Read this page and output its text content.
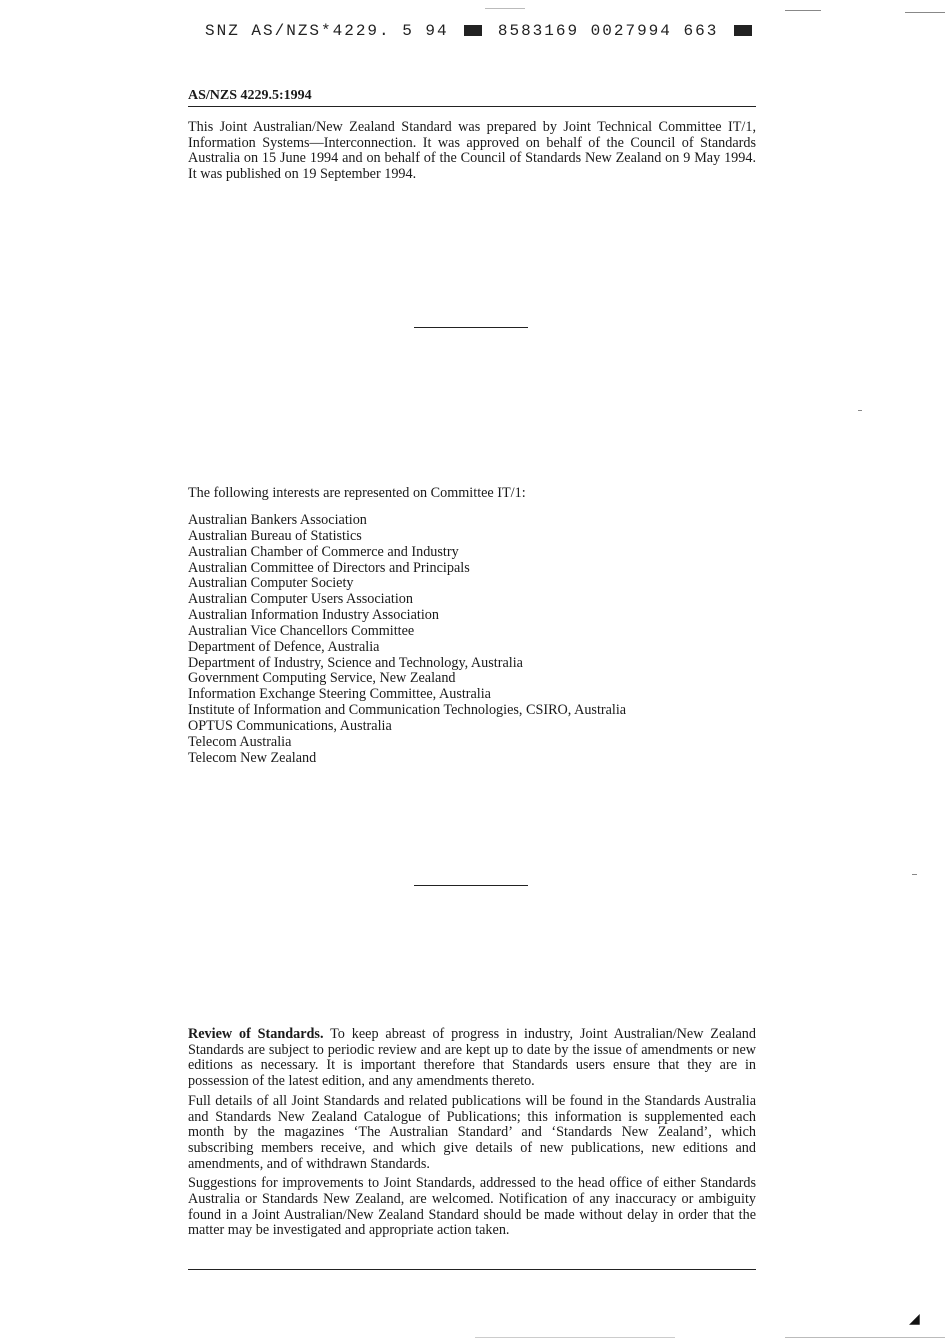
SNZ AS/NZS*4229. 5 94	8583169 0027994 663
AS/NZS 4229.5:1994
This Joint Australian/New Zealand Standard was prepared by Joint Technical Committee IT/1, Information Systems—Interconnection. It was approved on behalf of the Council of Standards Australia on 15 June 1994 and on behalf of the Council of Standards New Zealand on 9 May 1994. It was published on 19 September 1994.
The following interests are represented on Committee IT/1:
Australian Bankers Association
Australian Bureau of Statistics
Australian Chamber of Commerce and Industry
Australian Committee of Directors and Principals
Australian Computer Society
Australian Computer Users Association
Australian Information Industry Association
Australian Vice Chancellors Committee
Department of Defence, Australia
Department of Industry, Science and Technology, Australia
Government Computing Service, New Zealand
Information Exchange Steering Committee, Australia
Institute of Information and Communication Technologies, CSIRO, Australia
OPTUS Communications, Australia
Telecom Australia
Telecom New Zealand

Review of Standards. To keep abreast of progress in industry, Joint Australian/New Zealand Standards are subject to periodic review and are kept up to date by the issue of amendments or new editions as necessary. It is important therefore that Standards users ensure that they are in possession of the latest edition, and any amendments thereto.

Full details of all Joint Standards and related publications will be found in the Standards Australia and Standards New Zealand Catalogue of Publications; this information is supplemented each month by the magazines ‘The Australian Standard’ and ‘Standards New Zealand’, which subscribing members receive, and which give details of new publications, new editions and amendments, and of withdrawn Standards.

Suggestions for improvements to Joint Standards, addressed to the head office of either Standards Australia or Standards New Zealand, are welcomed. Notification of any inaccuracy or ambiguity found in a Joint Australian/New Zealand Standard should be made without delay in order that the matter may be investigated and appropriate action taken.

◢
